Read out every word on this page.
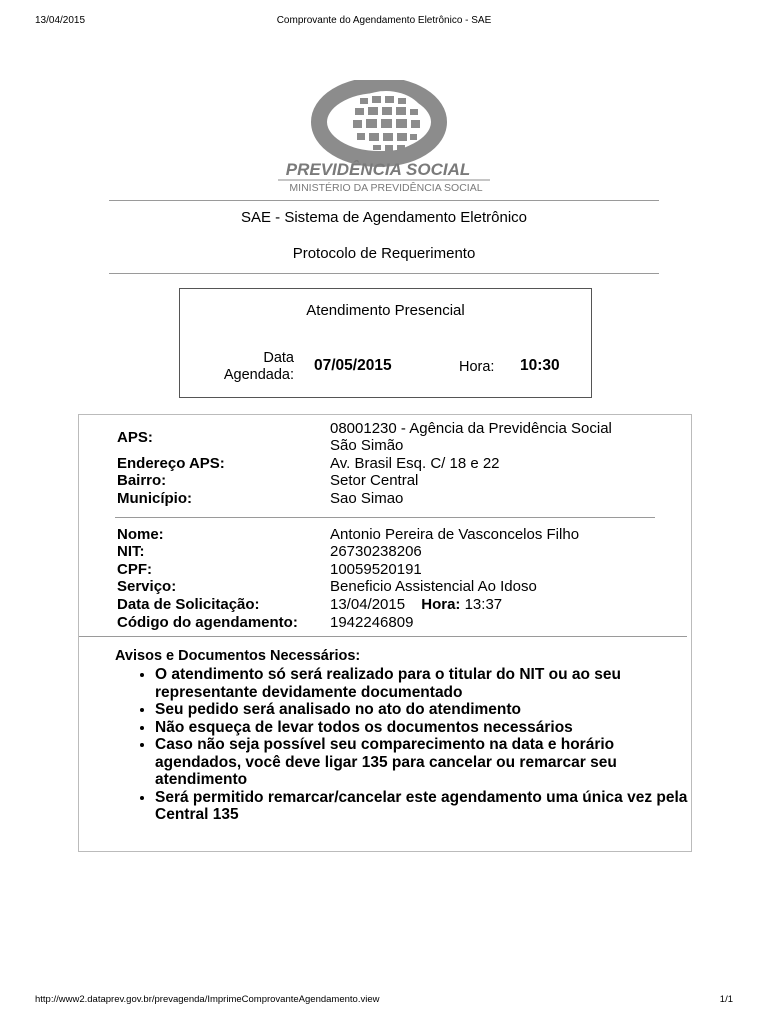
13/04/2015	Comprovante do Agendamento Eletrônico - SAE
PREVIDÊNCIA SOCIAL
MINISTÉRIO DA PREVIDÊNCIA SOCIAL
SAE - Sistema de Agendamento Eletrônico
Protocolo de Requerimento
Atendimento Presencial
Data
Agendada:
07/05/2015	Hora: 10:30
APS:
08001230 - Agência da Previdência Social
São Simão
Endereço APS:	Av. Brasil Esq. C/ 18 e 22
Bairro:	Setor Central
Município:	Sao Simao
Nome:	Antonio Pereira de Vasconcelos Filho
NIT:	26730238206
CPF:	10059520191
Serviço:	Beneficio Assistencial Ao Idoso
Data de Solicitação:	13/04/2015 Hora: 13:37
Código do agendamento: 1942246809
Avisos e Documentos Necessários:
• O atendimento só será realizado para o titular do NIT ou ao seu representante devidamente documentado
• Seu pedido será analisado no ato do atendimento
• Não esqueça de levar todos os documentos necessários
• Caso não seja possível seu comparecimento na data e horário agendados, você deve ligar 135 para cancelar ou remarcar seu atendimento
• Será permitido remarcar/cancelar este agendamento uma única vez pela Central 135
http://www2.dataprev.gov.br/prevagenda/ImprimeComprovanteAgendamento.view	1/1
